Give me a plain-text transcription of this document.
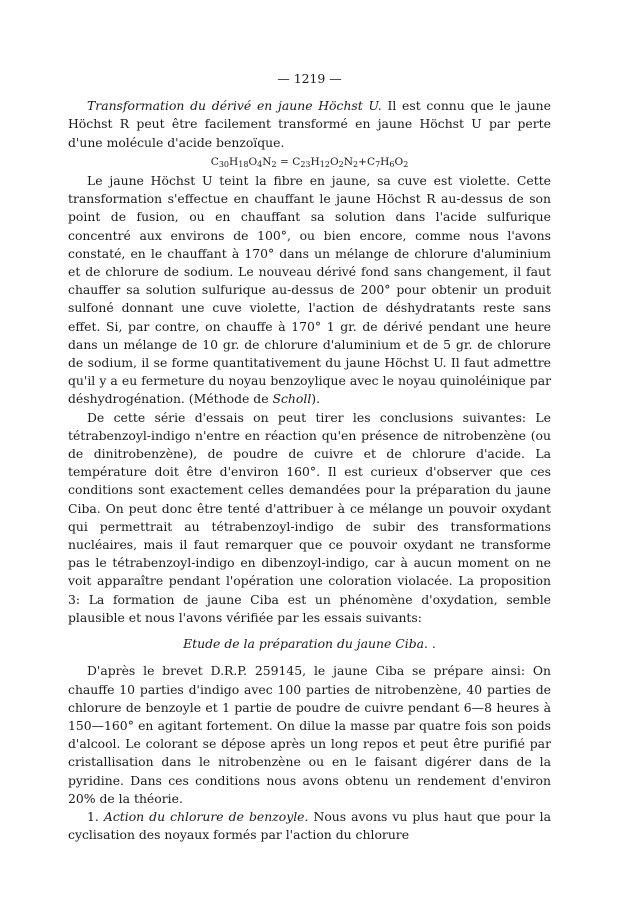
— 1219 —

Transformation du dérivé en jaune Höchst U. Il est connu que le jaune Höchst R peut être facilement transformé en jaune Höchst U par perte d'une molécule d'acide benzoïque.

$C_{30}H_{18}O_4N_2 = C_{23}H_{12}O_2N_2+C_7H_6O_2$

Le jaune Höchst U teint la fibre en jaune, sa cuve est violette. Cette transformation s'effectue en chauffant le jaune Höchst R au-dessus de son point de fusion, ou en chauffant sa solution dans l'acide sulfurique concentré aux environs de 100°, ou bien encore, comme nous l'avons constaté, en le chauffant à 170° dans un mélange de chlorure d'aluminium et de chlorure de sodium. Le nouveau dérivé fond sans changement, il faut chauffer sa solution sulfurique au-dessus de 200° pour obtenir un produit sulfoné donnant une cuve violette, l'action de déshydratants reste sans effet. Si, par contre, on chauffe à 170° 1 gr. de dérivé pendant une heure dans un mélange de 10 gr. de chlorure d'aluminium et de 5 gr. de chlorure de sodium, il se forme quantitativement du jaune Höchst U. Il faut admettre qu'il y a eu fermeture du noyau benzoylique avec le noyau quinoléinique par déshydrogénation. (Méthode de Scholl).

De cette série d'essais on peut tirer les conclusions suivantes: Le tétrabenzoyl-indigo n'entre en réaction qu'en présence de nitrobenzène (ou de dinitrobenzène), de poudre de cuivre et de chlorure d'acide. La température doit être d'environ 160°. Il est curieux d'observer que ces conditions sont exactement celles demandées pour la préparation du jaune Ciba. On peut donc être tenté d'attribuer à ce mélange un pouvoir oxydant qui permettrait au tétrabenzoyl-indigo de subir des transformations nucléaires, mais il faut remarquer que ce pouvoir oxydant ne transforme pas le tétrabenzoyl-indigo en dibenzoyl-indigo, car à aucun moment on ne voit apparaître pendant l'opération une coloration violacée. La proposition 3: La formation de jaune Ciba est un phénomène d'oxydation, semble plausible et nous l'avons vérifiée par les essais suivants:

Etude de la préparation du jaune Ciba. .

D'après le brevet D.R.P. 259145, le jaune Ciba se prépare ainsi: On chauffe 10 parties d'indigo avec 100 parties de nitrobenzène, 40 parties de chlorure de benzoyle et 1 partie de poudre de cuivre pendant 6—8 heures à 150—160° en agitant fortement. On dilue la masse par quatre fois son poids d'alcool. Le colorant se dépose après un long repos et peut être purifié par cristallisation dans le nitrobenzène ou en le faisant digérer dans de la pyridine. Dans ces conditions nous avons obtenu un rendement d'environ 20% de la théorie.

1. Action du chlorure de benzoyle. Nous avons vu plus haut que pour la cyclisation des noyaux formés par l'action du chlorure
